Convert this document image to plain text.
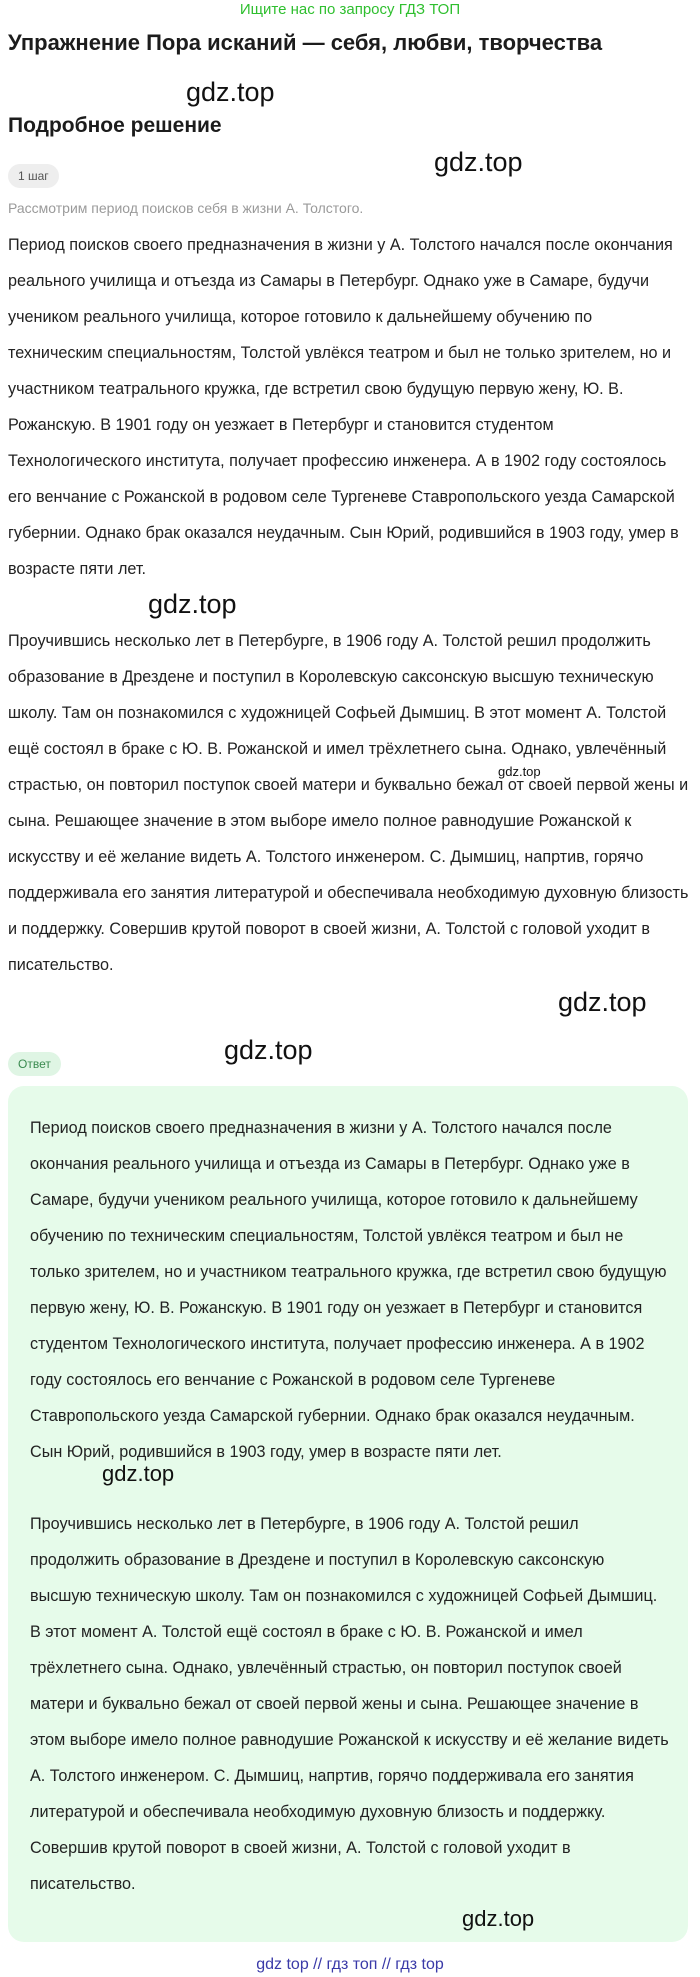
Ищите нас по запросу ГДЗ ТОП
Упражнение Пора исканий — себя, любви, творчества
gdz.top
Подробное решение
gdz.top
1 шаг
Рассмотрим период поисков себя в жизни А. Толстого.

Период поисков своего предназначения в жизни у А. Толстого начался после окончания реального училища и отъезда из Самары в Петербург. Однако уже в Самаре, будучи учеником реального училища, которое готовило к дальнейшему обучению по техническим специальностям, Толстой увлёкся театром и был не только зрителем, но и участником театрального кружка, где встретил свою будущую первую жену, Ю. В. Рожанскую. В 1901 году он уезжает в Петербург и становится студентом Технологического института, получает профессию инженера. А в 1902 году состоялось его венчание с Рожанской в родовом селе Тургеневе Ставропольского уезда Самарской губернии. Однако брак оказался неудачным. Сын Юрий, родившийся в 1903 году, умер в возрасте пяти лет.

Проучившись несколько лет в Петербурге, в 1906 году А. Толстой решил продолжить образование в Дрездене и поступил в Королевскую саксонскую высшую техническую школу. Там он познакомился с художницей Софьей Дымшиц. В этот момент А. Толстой ещё состоял в браке с Ю. В. Рожанской и имел трёхлетнего сына. Однако, увлечённый страстью, он повторил поступок своей матери и буквально бежал от своей первой жены и сына. Решающее значение в этом выборе имело полное равнодушие Рожанской к искусству и её желание видеть А. Толстого инженером. С. Дымшиц, напртив, горячо поддерживала его занятия литературой и обеспечивала необходимую духовную близость и поддержку. Совершив крутой поворот в своей жизни, А. Толстой с головой уходит в писательство.

gdz.top
gdz.top
gdz.top
gdz.top
Ответ

Период поисков своего предназначения в жизни у А. Толстого начался после окончания реального училища и отъезда из Самары в Петербург. Однако уже в Самаре, будучи учеником реального училища, которое готовило к дальнейшему обучению по техническим специальностям, Толстой увлёкся театром и был не только зрителем, но и участником театрального кружка, где встретил свою будущую первую жену, Ю. В. Рожанскую. В 1901 году он уезжает в Петербург и становится студентом Технологического института, получает профессию инженера. А в 1902 году состоялось его венчание с Рожанской в родовом селе Тургеневе Ставропольского уезда Самарской губернии. Однако брак оказался неудачным. Сын Юрий, родившийся в 1903 году, умер в возрасте пяти лет.

Проучившись несколько лет в Петербурге, в 1906 году А. Толстой решил продолжить образование в Дрездене и поступил в Королевскую саксонскую высшую техническую школу. Там он познакомился с художницей Софьей Дымшиц. В этот момент А. Толстой ещё состоял в браке с Ю. В. Рожанской и имел трёхлетнего сына. Однако, увлечённый страстью, он повторил поступок своей матери и буквально бежал от своей первой жены и сына. Решающее значение в этом выборе имело полное равнодушие Рожанской к искусству и её желание видеть А. Толстого инженером. С. Дымшиц, напртив, горячо поддерживала его занятия литературой и обеспечивала необходимую духовную близость и поддержку. Совершив крутой поворот в своей жизни, А. Толстой с головой уходит в писательство.

gdz.top
gdz.top
gdz top // гдз топ // гдз top
